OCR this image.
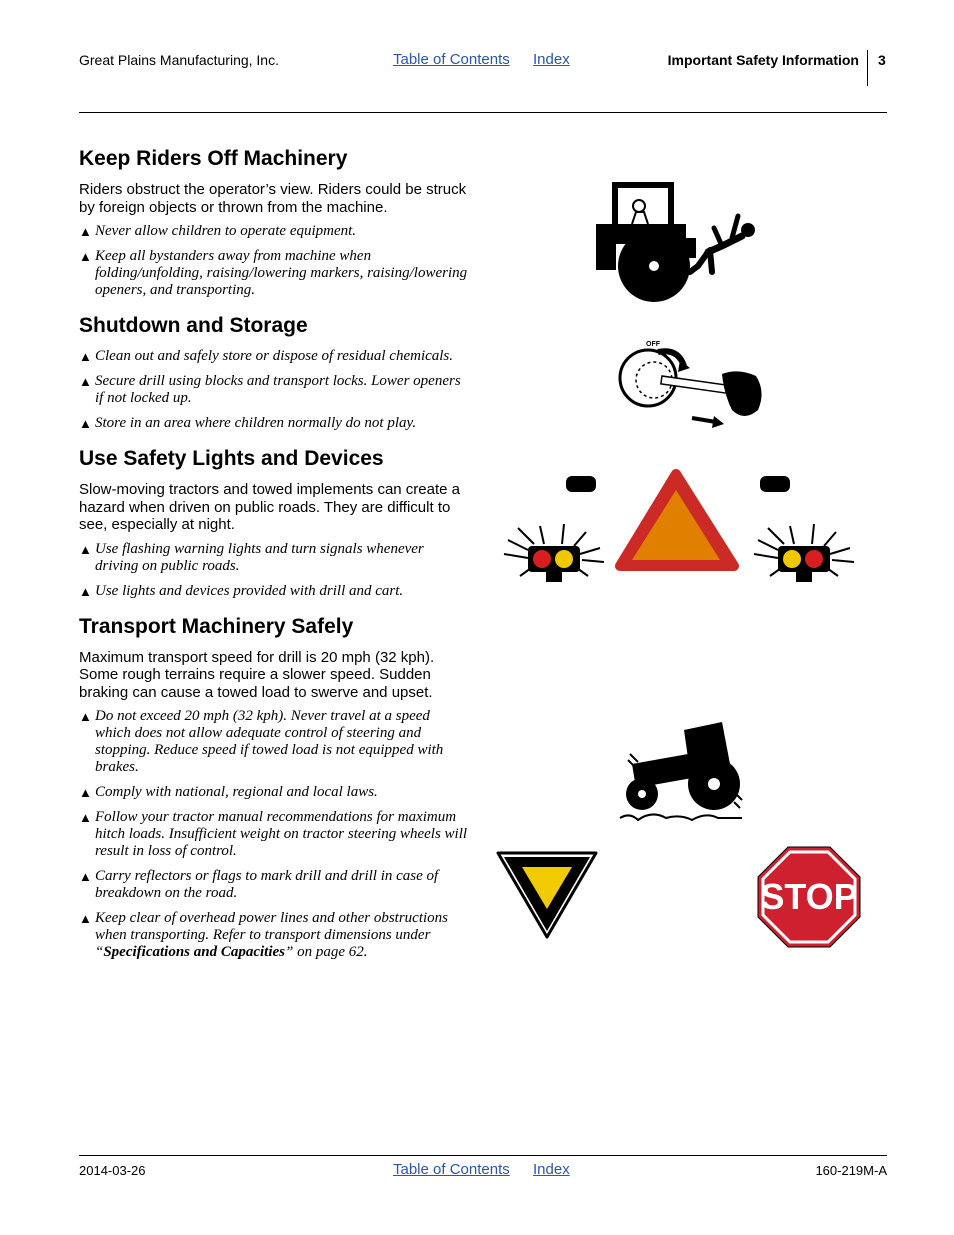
Great Plains Manufacturing, Inc.	Table of Contents Index	Important Safety Information 3
Keep Riders Off Machinery

Riders obstruct the operator’s view. Riders could be struck by foreign objects or thrown from the machine.

▲ Never allow children to operate equipment.
▲ Keep all bystanders away from machine when folding/unfolding, raising/lowering markers, raising/lowering openers, and transporting.
Shutdown and Storage
▲ Clean out and safely store or dispose of residual chemicals.
▲ Secure drill using blocks and transport locks. Lower openers if not locked up.
▲ Store in an area where children normally do not play.
Use Safety Lights and Devices

Slow-moving tractors and towed implements can create a hazard when driven on public roads. They are difficult to see, especially at night.

▲ Use flashing warning lights and turn signals whenever driving on public roads.
▲ Use lights and devices provided with drill and cart.
Transport Machinery Safely

Maximum transport speed for drill is 20 mph (32 kph). Some rough terrains require a slower speed. Sudden braking can cause a towed load to swerve and upset.

▲ Do not exceed 20 mph (32 kph). Never travel at a speed which does not allow adequate control of steering and stopping. Reduce speed if towed load is not equipped with brakes.
▲ Comply with national, regional and local laws.
▲ Follow your tractor manual recommendations for maximum hitch loads. Insufficient weight on tractor steering wheels will result in loss of control.
▲ Carry reflectors or flags to mark drill and drill in case of breakdown on the road.
▲ Keep clear of overhead power lines and other obstructions when transporting. Refer to transport dimensions under “Specifications and Capacities” on page 62.
OFF
STOP
2014-03-26	Table of Contents Index	160-219M-A
